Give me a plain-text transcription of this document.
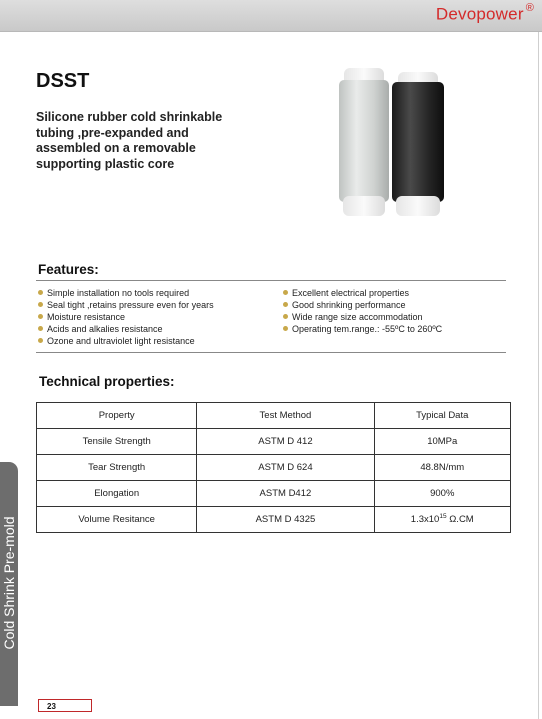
Devopower ®
DSST
Silicone rubber cold shrinkable tubing ,pre-expanded and assembled on a removable supporting plastic core
Features:
Simple installation no tools required
Seal tight ,retains pressure even for years
Moisture resistance
Acids and alkalies resistance
Ozone and ultraviolet light resistance
Excellent electrical properties
Good shrinking performance
Wide range size accommodation
Operating tem.range.: -55ºC to 260ºC
Technical properties:
Property	Test Method	Typical Data
Tensile Strength	ASTM D 412	10MPa
Tear Strength	ASTM D 624	48.8N/mm
Elongation	ASTM D412	900%
Volume Resitance	ASTM D 4325	$1.3x10^{15}$ Ω.CM
Cold Shrink Pre-mold
23
